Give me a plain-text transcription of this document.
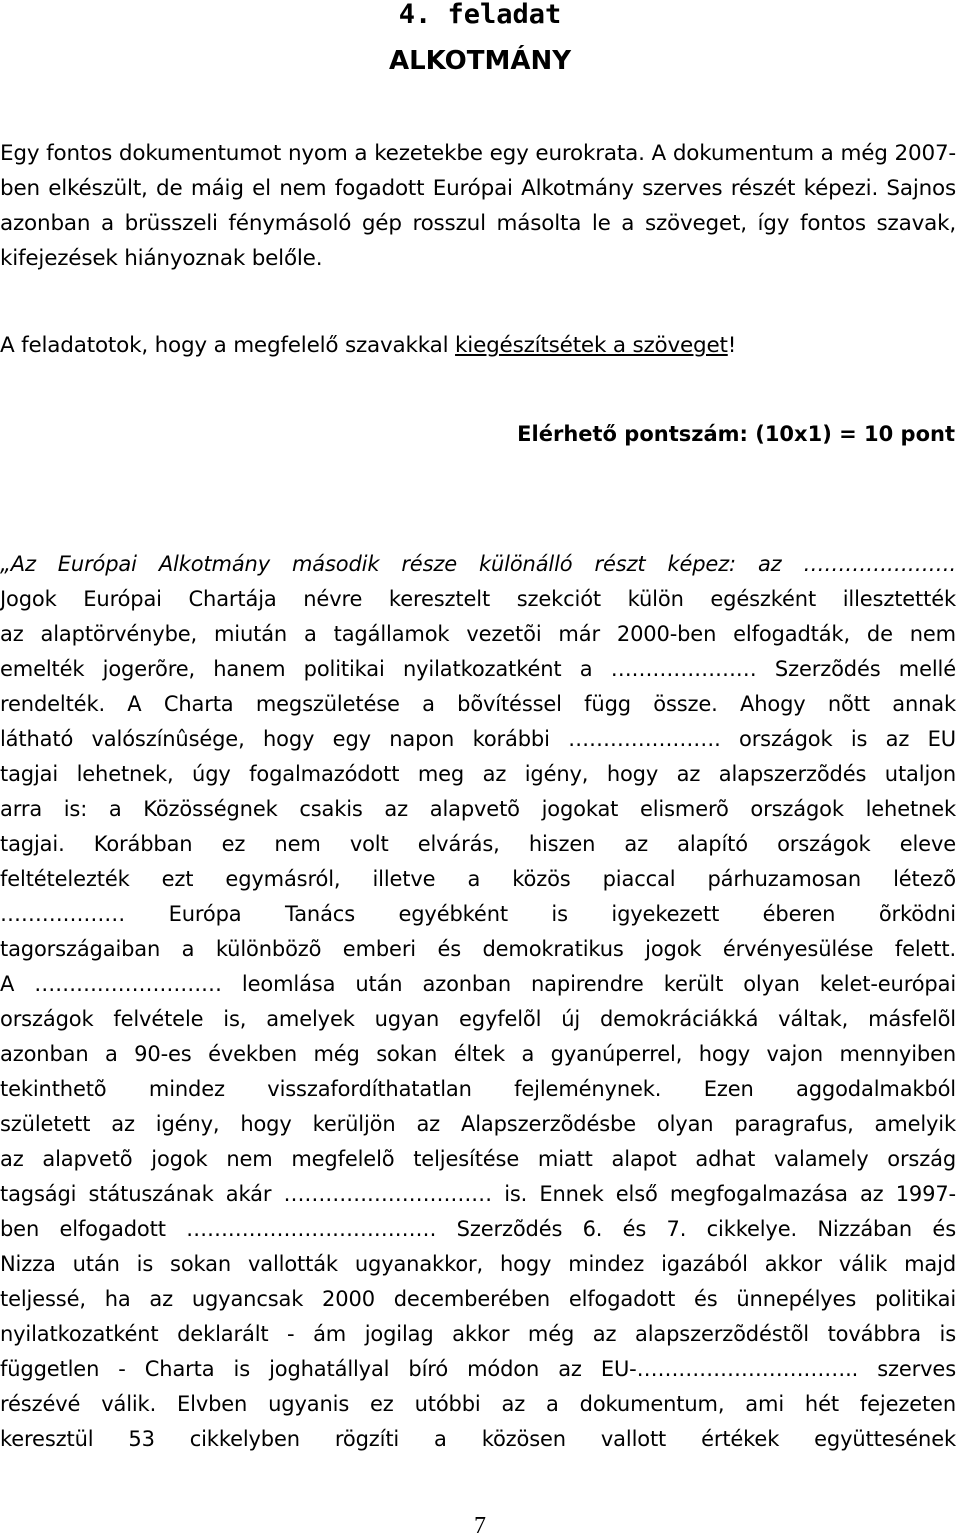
4. feladat
ALKOTMÁNY
Egy fontos dokumentumot nyom a kezetekbe egy eurokrata. A dokumentum a még 2007-ben elkészült, de máig el nem fogadott Európai Alkotmány szerves részét képezi. Sajnos azonban a brüsszeli fénymásoló gép rosszul másolta le a szöveget, így fontos szavak, kifejezések hiányoznak belőle.
A feladatotok, hogy a megfelelő szavakkal kiegészítsétek a szöveget!
Elérhető pontszám: (10x1) = 10 pont
„Az Európai Alkotmány második része különálló részt képez: az ………………….
Jogok Európai Chartája névre keresztelt szekciót külön egészként illesztették
az alaptörvénybe, miután a tagállamok vezetõi már 2000-ben elfogadták, de nem
emelték jogerõre, hanem politikai nyilatkozatként a ………………… Szerzõdés mellé
rendelték. A Charta megszületése a bõvítéssel függ össze. Ahogy nõtt annak
látható valószínûsége, hogy egy napon korábbi …………………. országok is az EU
tagjai lehetnek, úgy fogalmazódott meg az igény, hogy az alapszerzõdés utaljon
arra is: a Közösségnek csakis az alapvetõ jogokat elismerõ országok lehetnek
tagjai. Korábban ez nem volt elvárás, hiszen az alapító országok eleve
feltételezték ezt egymásról, illetve a közös piaccal párhuzamosan létezõ
……………… Európa Tanács egyébként is igyekezett éberen õrködni
tagországaiban a különbözõ emberi és demokratikus jogok érvényesülése felett.
A ……………………… leomlása után azonban napirendre került olyan kelet-európai
országok felvétele is, amelyek ugyan egyfelõl új demokráciákká váltak, másfelõl
azonban a 90-es években még sokan éltek a gyanúperrel, hogy vajon mennyiben
tekinthetõ mindez visszafordíthatatlan fejleménynek. Ezen aggodalmakból
született az igény, hogy kerüljön az Alapszerzõdésbe olyan paragrafus, amelyik
az alapvetõ jogok nem megfelelõ teljesítése miatt alapot adhat valamely ország
tagsági státuszának akár ………………………… is. Ennek első megfogalmazása az 1997-
ben elfogadott ……………………………… Szerzõdés 6. és 7. cikkelye. Nizzában és
Nizza után is sokan vallották ugyanakkor, hogy mindez igazából akkor válik majd
teljessé, ha az ugyancsak 2000 decemberében elfogadott és ünnepélyes politikai
nyilatkozatként deklarált - ám jogilag akkor még az alapszerzõdéstõl továbbra is
független - Charta is joghatállyal bíró módon az EU-………………………….. szerves
részévé válik. Elvben ugyanis ez utóbbi az a dokumentum, ami hét fejezeten
keresztül 53 cikkelyben rögzíti a közösen vallott értékek együttesének
7
